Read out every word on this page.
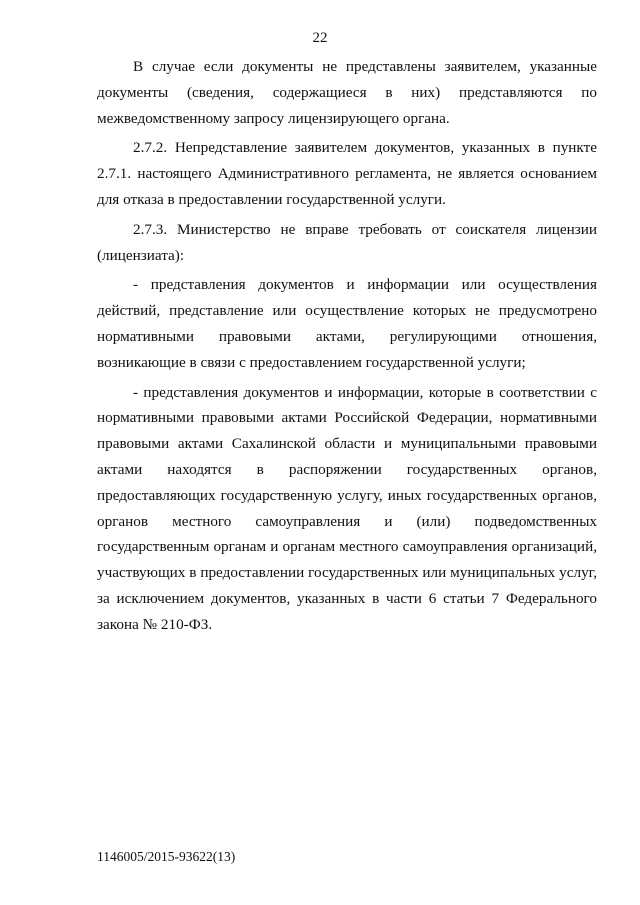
22

В случае если документы не представлены заявителем, указанные документы (сведения, содержащиеся в них) представляются по межведомственному запросу лицензирующего органа.

2.7.2. Непредставление заявителем документов, указанных в пункте 2.7.1. настоящего Административного регламента, не является основанием для отказа в предоставлении государственной услуги.

2.7.3. Министерство не вправе требовать от соискателя лицензии (лицензиата):

- представления документов и информации или осуществления действий, представление или осуществление которых не предусмотрено нормативными правовыми актами, регулирующими отношения, возникающие в связи с предоставлением государственной услуги;

- представления документов и информации, которые в соответствии с нормативными правовыми актами Российской Федерации, нормативными правовыми актами Сахалинской области и муниципальными правовыми актами находятся в распоряжении государственных органов, предоставляющих государственную услугу, иных государственных органов, органов местного самоуправления и (или) подведомственных государственным органам и органам местного самоуправления организаций, участвующих в предоставлении государственных или муниципальных услуг, за исключением документов, указанных в части 6 статьи 7 Федерального закона № 210-ФЗ.

1146005/2015-93622(13)
